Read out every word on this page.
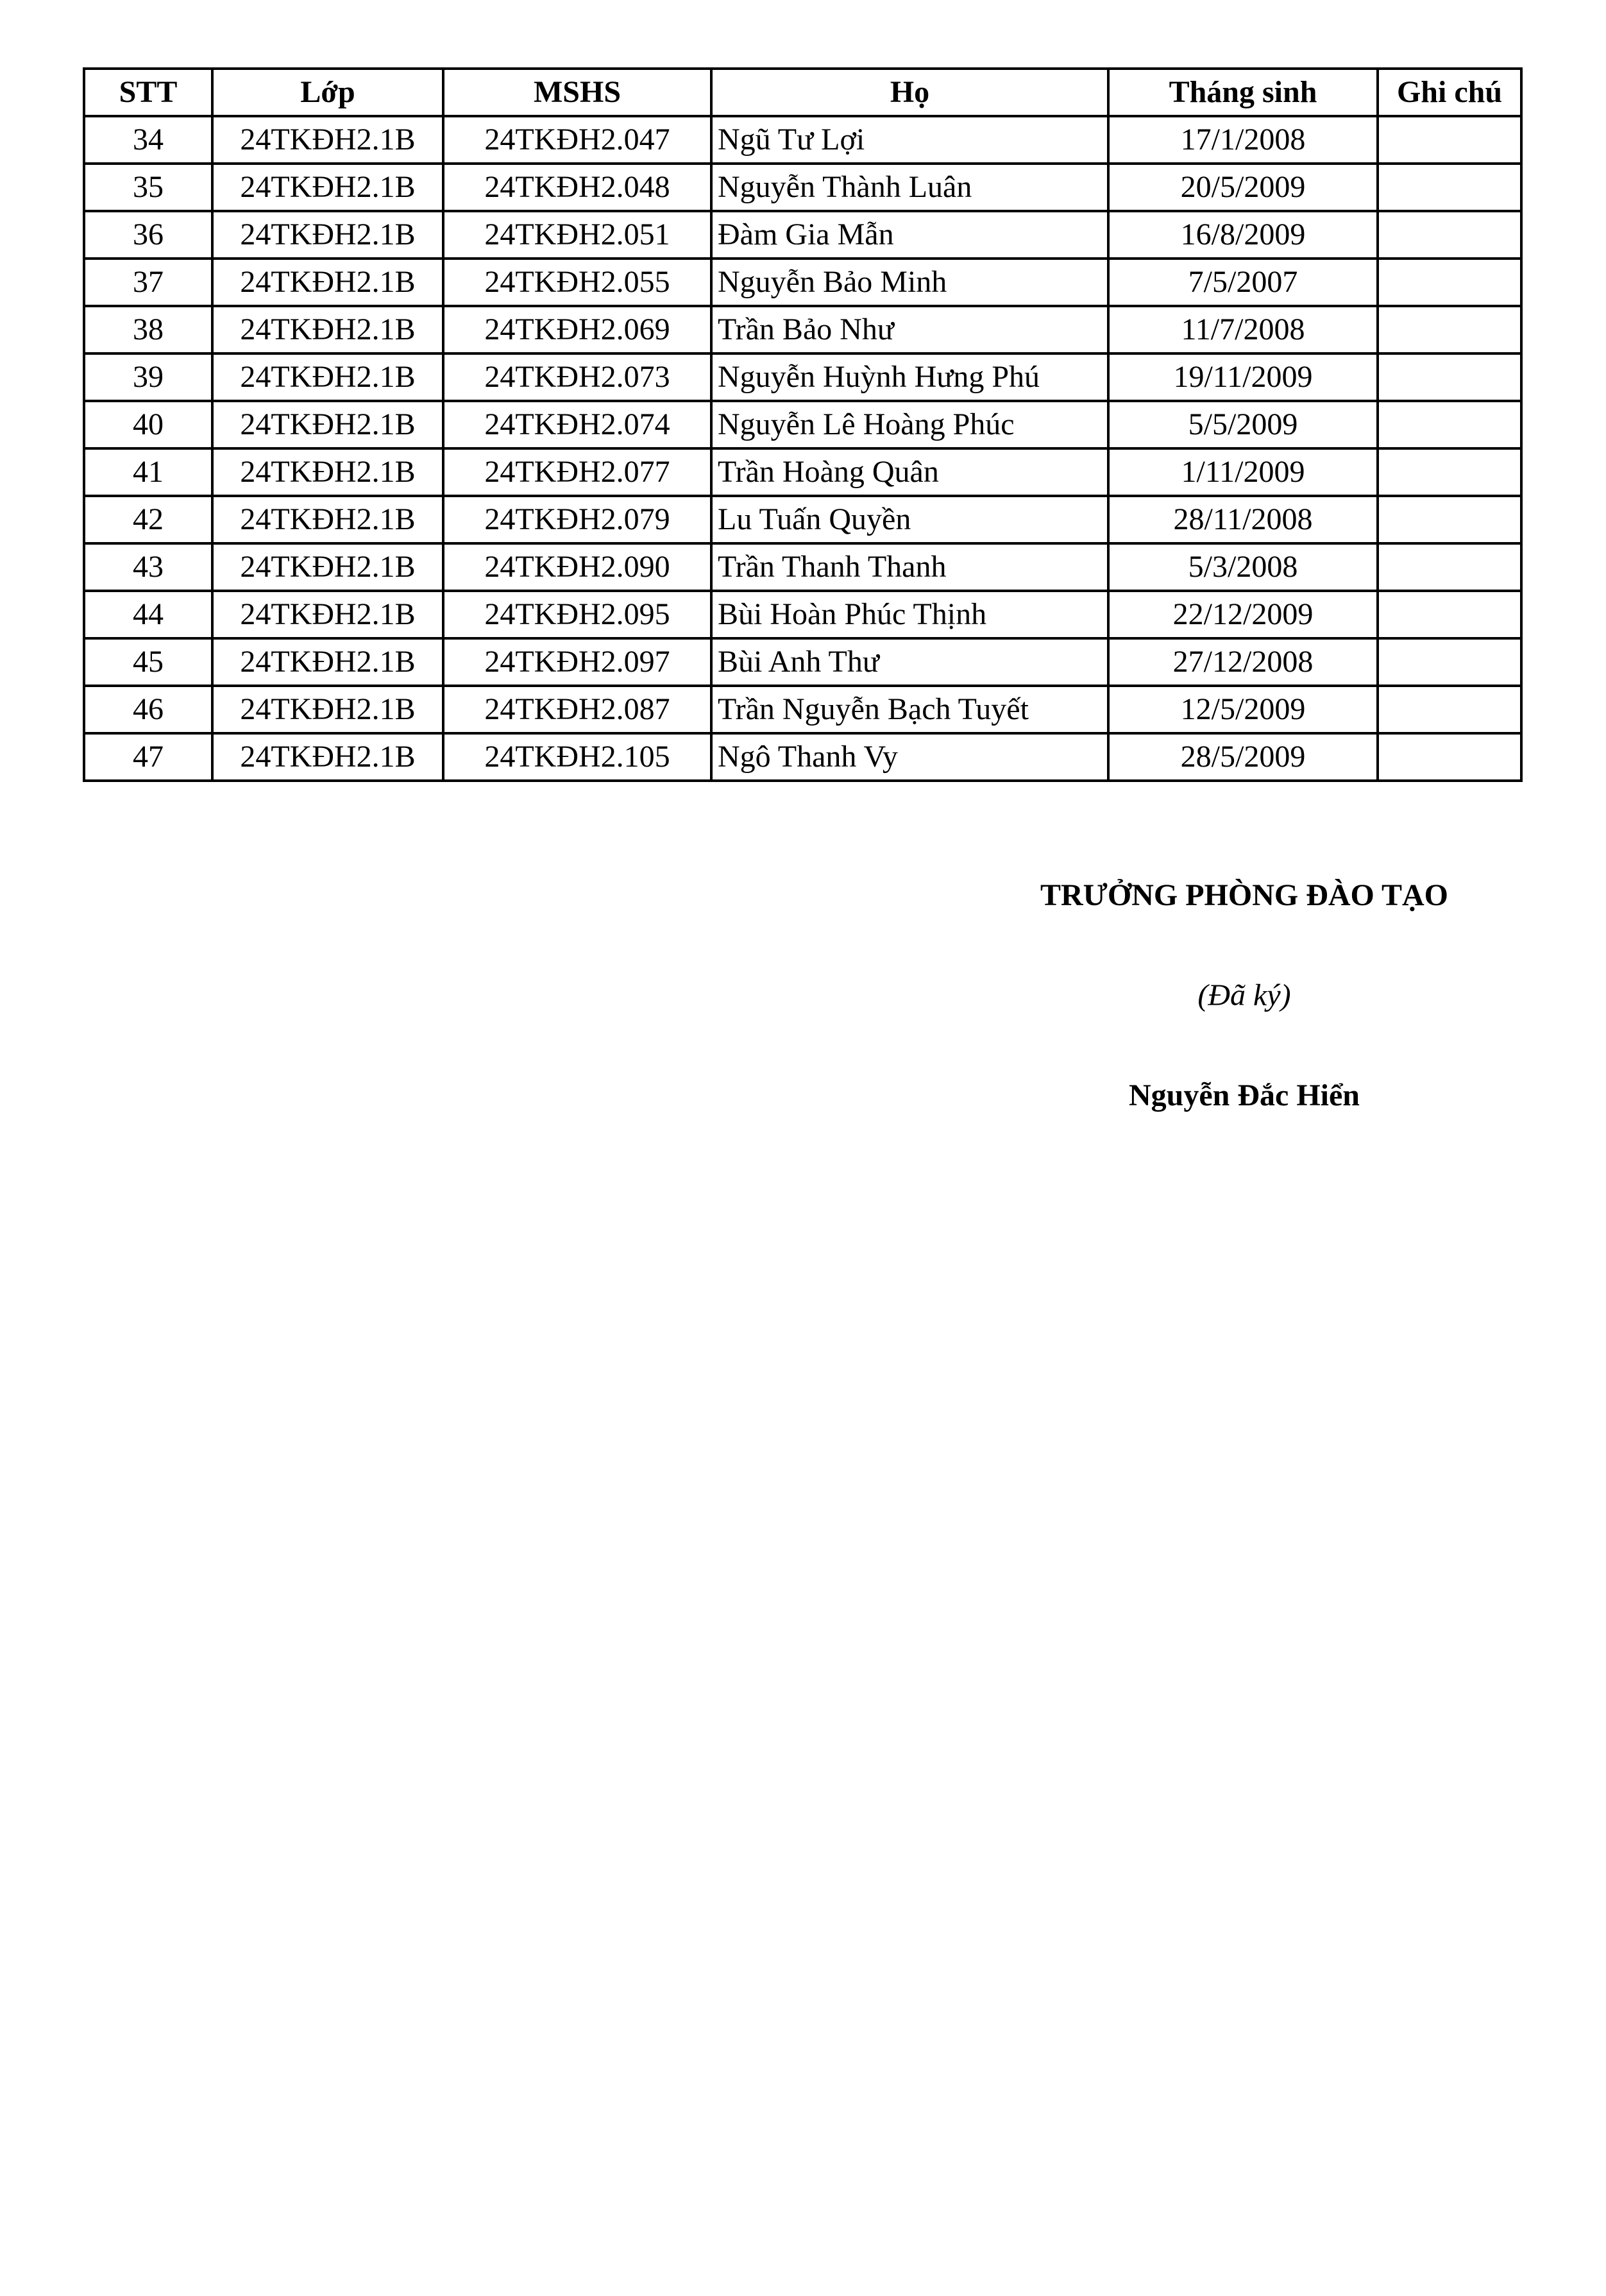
STT	Lớp	MSHS	Họ	Tháng sinh	Ghi chú
34	24TKĐH2.1B	24TKĐH2.047	Ngũ Tư Lợi	17/1/2008	
35	24TKĐH2.1B	24TKĐH2.048	Nguyễn Thành Luân	20/5/2009	
36	24TKĐH2.1B	24TKĐH2.051	Đàm Gia Mẫn	16/8/2009	
37	24TKĐH2.1B	24TKĐH2.055	Nguyễn Bảo Minh	7/5/2007	
38	24TKĐH2.1B	24TKĐH2.069	Trần Bảo Như	11/7/2008	
39	24TKĐH2.1B	24TKĐH2.073	Nguyễn Huỳnh Hưng Phú	19/11/2009	
40	24TKĐH2.1B	24TKĐH2.074	Nguyễn Lê Hoàng Phúc	5/5/2009	
41	24TKĐH2.1B	24TKĐH2.077	Trần Hoàng Quân	1/11/2009	
42	24TKĐH2.1B	24TKĐH2.079	Lu Tuấn Quyền	28/11/2008	
43	24TKĐH2.1B	24TKĐH2.090	Trần Thanh Thanh	5/3/2008	
44	24TKĐH2.1B	24TKĐH2.095	Bùi Hoàn Phúc Thịnh	22/12/2009	
45	24TKĐH2.1B	24TKĐH2.097	Bùi Anh Thư	27/12/2008	
46	24TKĐH2.1B	24TKĐH2.087	Trần Nguyễn Bạch Tuyết	12/5/2009	
47	24TKĐH2.1B	24TKĐH2.105	Ngô Thanh Vy	28/5/2009	
TRƯỞNG PHÒNG ĐÀO TẠO
(Đã ký)
Nguyễn Đắc Hiển
